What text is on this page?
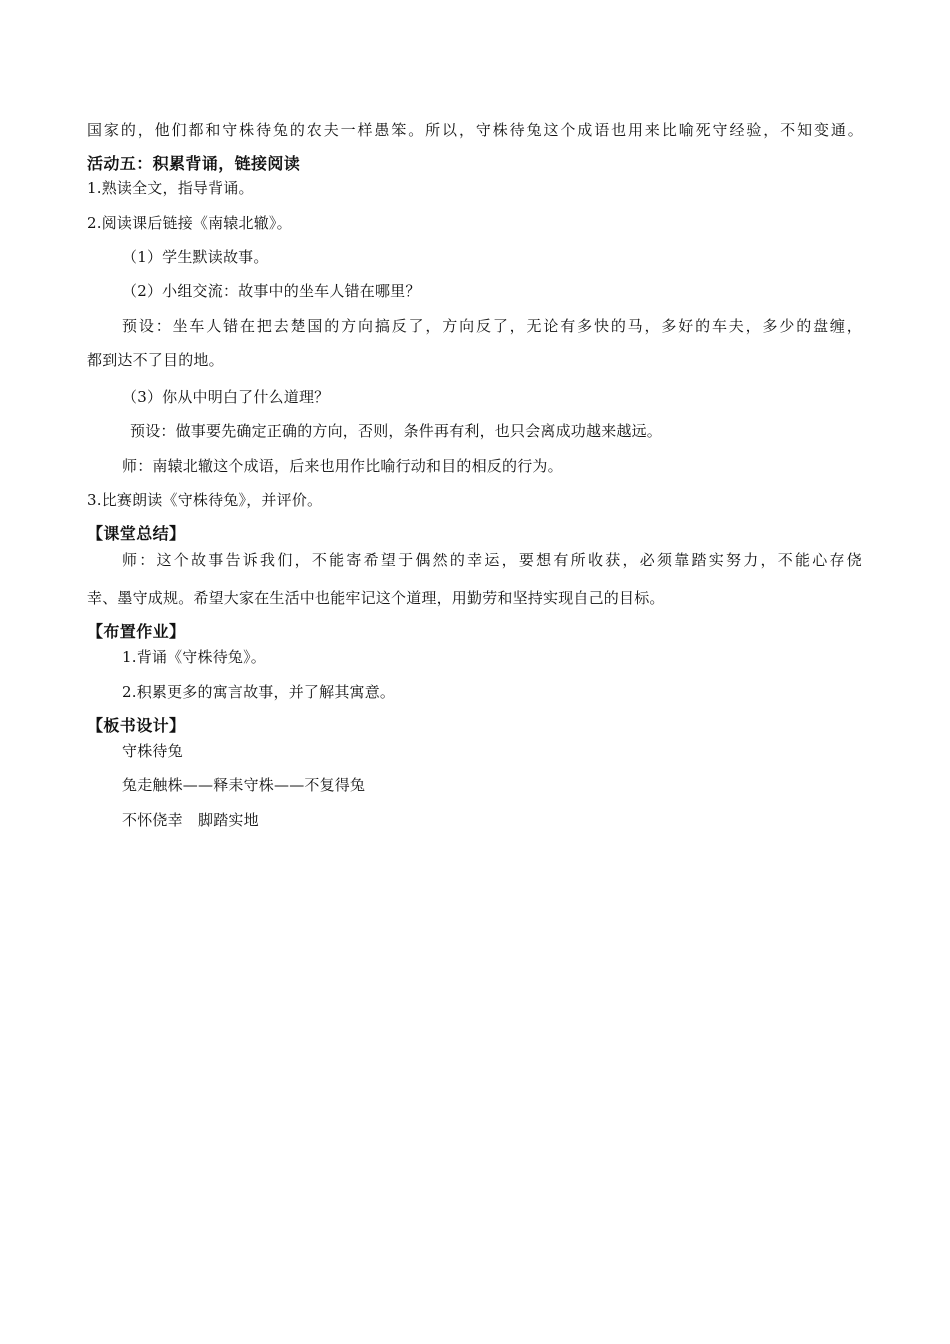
国家的，他们都和守株待兔的农夫一样愚笨。所以，守株待兔这个成语也用来比喻死守经验，不知变通。
活动五：积累背诵，链接阅读
1.熟读全文，指导背诵。
2.阅读课后链接《南辕北辙》。
（1）学生默读故事。
（2）小组交流：故事中的坐车人错在哪里？
预设：坐车人错在把去楚国的方向搞反了，方向反了，无论有多快的马，多好的车夫，多少的盘缠，
都到达不了目的地。
（3）你从中明白了什么道理？
预设：做事要先确定正确的方向，否则，条件再有利，也只会离成功越来越远。
师：南辕北辙这个成语，后来也用作比喻行动和目的相反的行为。
3.比赛朗读《守株待兔》，并评价。
【课堂总结】
师：这个故事告诉我们，不能寄希望于偶然的幸运，要想有所收获，必须靠踏实努力，不能心存侥
幸、墨守成规。希望大家在生活中也能牢记这个道理，用勤劳和坚持实现自己的目标。
【布置作业】
1.背诵《守株待兔》。
2.积累更多的寓言故事，并了解其寓意。
【板书设计】
守株待兔
兔走触株——释耒守株——不复得兔
不怀侥幸　脚踏实地
